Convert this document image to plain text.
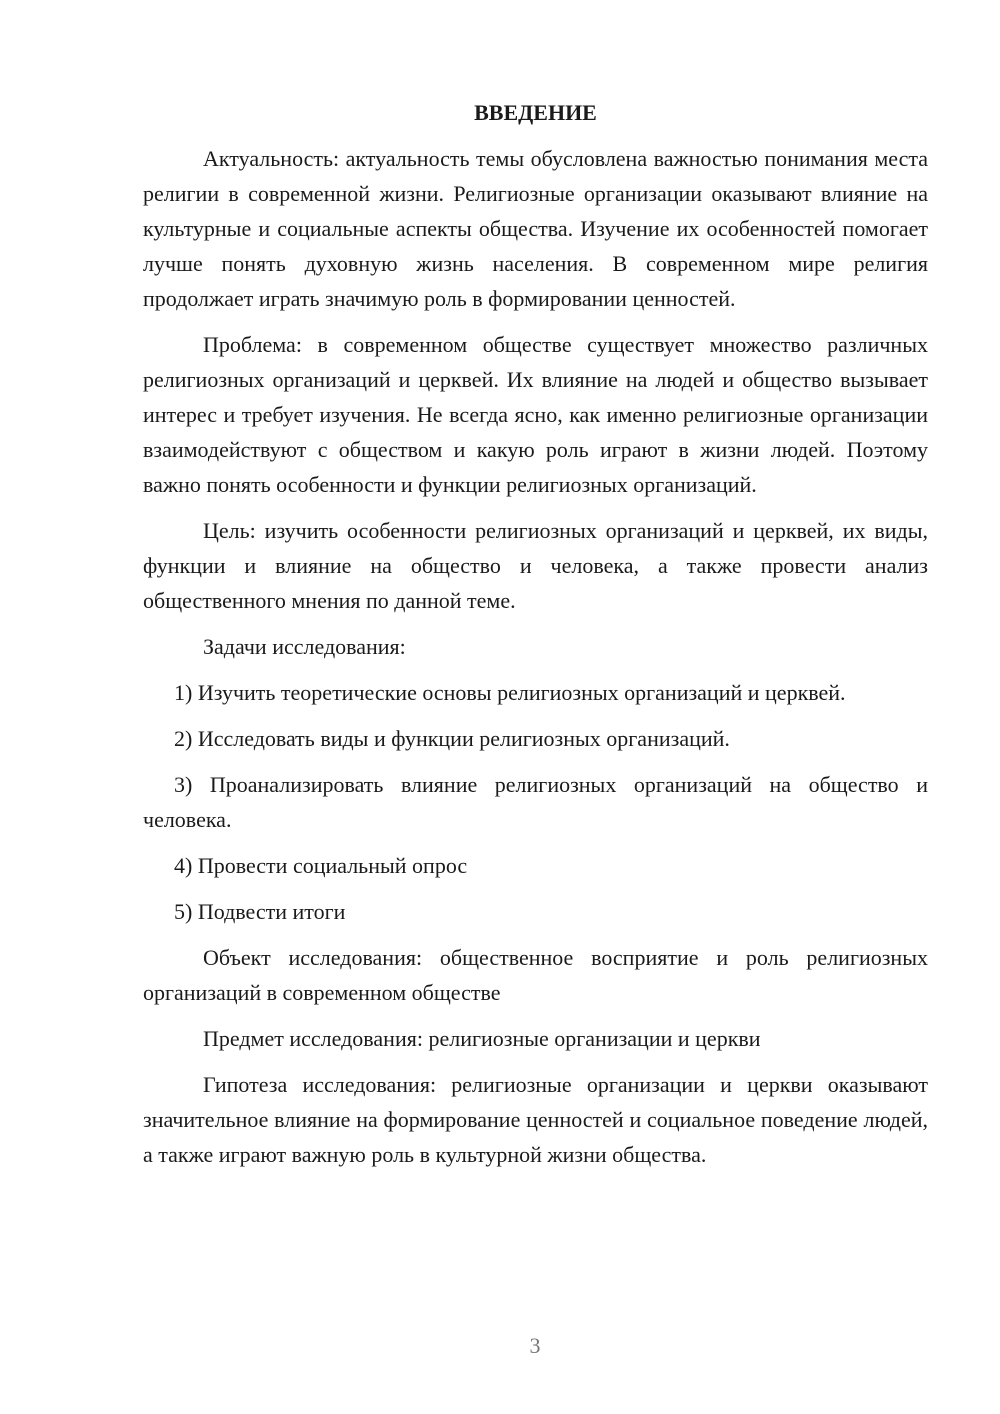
ВВЕДЕНИЕ

Актуальность: актуальность темы обусловлена важностью понимания места религии в современной жизни. Религиозные организации оказывают влияние на культурные и социальные аспекты общества. Изучение их особенностей помогает лучше понять духовную жизнь населения. В современном мире религия продолжает играть значимую роль в формировании ценностей.

Проблема: в современном обществе существует множество различных религиозных организаций и церквей. Их влияние на людей и общество вызывает интерес и требует изучения. Не всегда ясно, как именно религиозные организации взаимодействуют с обществом и какую роль играют в жизни людей. Поэтому важно понять особенности и функции религиозных организаций.

Цель: изучить особенности религиозных организаций и церквей, их виды, функции и влияние на общество и человека, а также провести анализ общественного мнения по данной теме.

Задачи исследования:

1) Изучить теоретические основы религиозных организаций и церквей.

2) Исследовать виды и функции религиозных организаций.

3) Проанализировать влияние религиозных организаций на общество и человека.

4) Провести социальный опрос

5) Подвести итоги

Объект исследования: общественное восприятие и роль религиозных организаций в современном обществе

Предмет исследования: религиозные организации и церкви

Гипотеза исследования: религиозные организации и церкви оказывают значительное влияние на формирование ценностей и социальное поведение людей, а также играют важную роль в культурной жизни общества.

3
